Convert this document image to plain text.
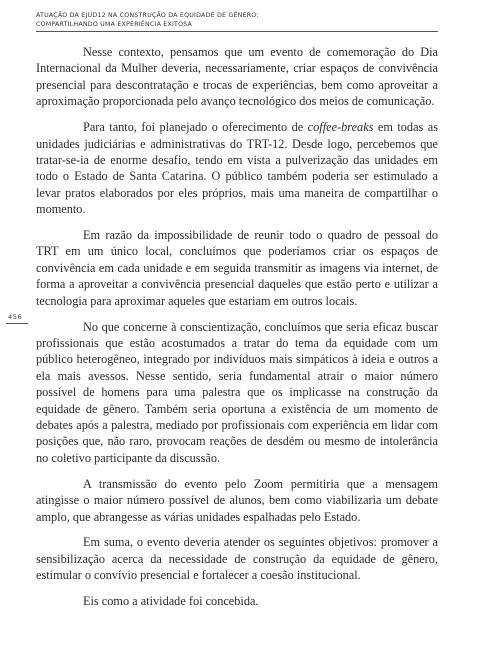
ATUAÇÃO DA EJUD12 NA CONSTRUÇÃO DA EQUIDADE DE GÊNERO:
COMPARTILHANDO UMA EXPERIÊNCIA EXITOSA
456

Nesse contexto, pensamos que um evento de comemoração do Dia Internacional da Mulher deveria, necessariamente, criar espaços de convivência presencial para descontratação e trocas de experiências, bem como aproveitar a aproximação proporcionada pelo avanço tecnológico dos meios de comunicação.

Para tanto, foi planejado o oferecimento de coffee-breaks em todas as unidades judiciárias e administrativas do TRT-12. Desde logo, percebemos que tratar-se-ia de enorme desafio, tendo em vista a pulverização das unidades em todo o Estado de Santa Catarina. O público também poderia ser estimulado a levar pratos elaborados por eles próprios, mais uma maneira de compartilhar o momento.

Em razão da impossibilidade de reunir todo o quadro de pessoal do TRT em um único local, concluímos que poderíamos criar os espaços de convivência em cada unidade e em seguida transmitir as imagens via internet, de forma a aproveitar a convivência presencial daqueles que estão perto e utilizar a tecnologia para aproximar aqueles que estariam em outros locais.

No que concerne à conscientização, concluímos que seria eficaz buscar profissionais que estão acostumados a tratar do tema da equidade com um público heterogêneo, integrado por indivíduos mais simpáticos à ideia e outros a ela mais avessos. Nesse sentido, seria fundamental atrair o maior número possível de homens para uma palestra que os implicasse na construção da equidade de gênero. Também seria oportuna a existência de um momento de debates após a palestra, mediado por profissionais com experiência em lidar com posições que, não raro, provocam reações de desdém ou mesmo de intolerância no coletivo participante da discussão.

A transmissão do evento pelo Zoom permitiria que a mensagem atingisse o maior número possível de alunos, bem como viabilizaria um debate amplo, que abrangesse as várias unidades espalhadas pelo Estado.

Em suma, o evento deveria atender os seguintes objetivos: promover a sensibilização acerca da necessidade de construção da equidade de gênero, estimular o convívio presencial e fortalecer a coesão institucional.

Eis como a atividade foi concebida.
